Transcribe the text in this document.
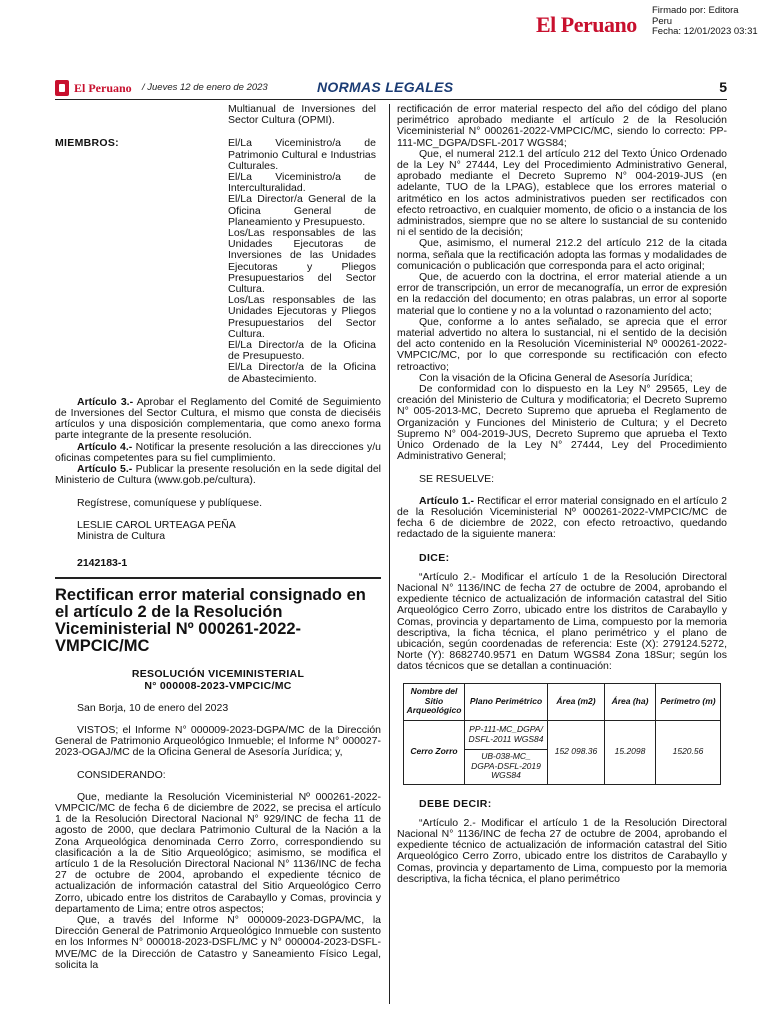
El Peruano
Firmado por: Editora
Peru
Fecha: 12/01/2023 03:31
El Peruano / Jueves 12 de enero de 2023	NORMAS LEGALES	5

Multianual de Inversiones del Sector Cultura (OPMI).

MIEMBROS:	El/La Viceministro/a de Patrimonio Cultural e Industrias Culturales.

El/La Viceministro/a de Interculturalidad.

El/La Director/a General de la Oficina General de Planeamiento y Presupuesto.

Los/Las responsables de las Unidades Ejecutoras de Inversiones de las Unidades Ejecutoras y Pliegos Presupuestarios del Sector Cultura.

Los/Las responsables de las Unidades Ejecutoras y Pliegos Presupuestarios del Sector Cultura.

El/La Director/a de la Oficina de Presupuesto.

El/La Director/a de la Oficina de Abastecimiento.

Artículo 3.- Aprobar el Reglamento del Comité de Seguimiento de Inversiones del Sector Cultura, el mismo que consta de dieciséis artículos y una disposición complementaria, que como anexo forma parte integrante de la presente resolución.

Artículo 4.- Notificar la presente resolución a las direcciones y/u oficinas competentes para su fiel cumplimiento.

Artículo 5.- Publicar la presente resolución en la sede digital del Ministerio de Cultura (www.gob.pe/cultura).

Regístrese, comuníquese y publíquese.

LESLIE CAROL URTEAGA PEÑA

Ministra de Cultura

2142183-1

Rectifican error material consignado en el artículo 2 de la Resolución Viceministerial Nº 000261-2022-VMPCIC/MC

RESOLUCIÓN VICEMINISTERIAL

N° 000008-2023-VMPCIC/MC

San Borja, 10 de enero del 2023

VISTOS; el Informe N° 000009-2023-DGPA/MC de la Dirección General de Patrimonio Arqueológico Inmueble; el Informe N° 000027-2023-OGAJ/MC de la Oficina General de Asesoría Jurídica; y,

CONSIDERANDO:

Que, mediante la Resolución Viceministerial Nº 000261-2022-VMPCIC/MC de fecha 6 de diciembre de 2022, se precisa el artículo 1 de la Resolución Directoral Nacional N° 929/INC de fecha 11 de agosto de 2000, que declara Patrimonio Cultural de la Nación a la Zona Arqueológica denominada Cerro Zorro, correspondiendo su clasificación a la de Sitio Arqueológico; asimismo, se modifica el artículo 1 de la Resolución Directoral Nacional N° 1136/INC de fecha 27 de octubre de 2004, aprobando el expediente técnico de actualización de información catastral del Sitio Arqueológico Cerro Zorro, ubicado entre los distritos de Carabayllo y Comas, provincia y departamento de Lima; entre otros aspectos;

Que, a través del Informe N° 000009-2023-DGPA/MC, la Dirección General de Patrimonio Arqueológico Inmueble con sustento en los Informes N° 000018-2023-DSFL/MC y N° 000004-2023-DSFL-MVE/MC de la Dirección de Catastro y Saneamiento Físico Legal, solicita la

rectificación de error material respecto del año del código del plano perimétrico aprobado mediante el artículo 2 de la Resolución Viceministerial N° 000261-2022-VMPCIC/MC, siendo lo correcto: PP-111-MC_DGPA/DSFL-2017 WGS84;

Que, el numeral 212.1 del artículo 212 del Texto Único Ordenado de la Ley N° 27444, Ley del Procedimiento Administrativo General, aprobado mediante el Decreto Supremo N° 004-2019-JUS (en adelante, TUO de la LPAG), establece que los errores material o aritmético en los actos administrativos pueden ser rectificados con efecto retroactivo, en cualquier momento, de oficio o a instancia de los administrados, siempre que no se altere lo sustancial de su contenido ni el sentido de la decisión;

Que, asimismo, el numeral 212.2 del artículo 212 de la citada norma, señala que la rectificación adopta las formas y modalidades de comunicación o publicación que corresponda para el acto original;

Que, de acuerdo con la doctrina, el error material atiende a un error de transcripción, un error de mecanografía, un error de expresión en la redacción del documento; en otras palabras, un error al soporte material que lo contiene y no a la voluntad o razonamiento del acto;

Que, conforme a lo antes señalado, se aprecia que el error material advertido no altera lo sustancial, ni el sentido de la decisión del acto contenido en la Resolución Viceministerial Nº 000261-2022-VMPCIC/MC, por lo que corresponde su rectificación con efecto retroactivo;

Con la visación de la Oficina General de Asesoría Jurídica;

De conformidad con lo dispuesto en la Ley N° 29565, Ley de creación del Ministerio de Cultura y modificatoria; el Decreto Supremo N° 005-2013-MC, Decreto Supremo que aprueba el Reglamento de Organización y Funciones del Ministerio de Cultura; y el Decreto Supremo N° 004-2019-JUS, Decreto Supremo que aprueba el Texto Único Ordenado de la Ley N° 27444, Ley del Procedimiento Administrativo General;

SE RESUELVE:

Artículo 1.- Rectificar el error material consignado en el artículo 2 de la Resolución Viceministerial Nº 000261-2022-VMPCIC/MC de fecha 6 de diciembre de 2022, con efecto retroactivo, quedando redactado de la siguiente manera:

DICE:

“Artículo 2.- Modificar el artículo 1 de la Resolución Directoral Nacional N° 1136/INC de fecha 27 de octubre de 2004, aprobando el expediente técnico de actualización de información catastral del Sitio Arqueológico Cerro Zorro, ubicado entre los distritos de Carabayllo y Comas, provincia y departamento de Lima, compuesto por la memoria descriptiva, la ficha técnica, el plano perimétrico y el plano de ubicación, según coordenadas de referencia: Este (X): 279124.5272, Norte (Y): 8682740.9571 en Datum WGS84 Zona 18Sur; según los datos técnicos que se detallan a continuación:

Nombre del Sitio Arqueológico	Plano Perimétrico	Área (m2)	Área (ha)	Perímetro (m)
Cerro Zorro	PP-111-MC_DGPA/ DSFL-2011 WGS84	152 098.36	15.2098	1520.56
	UB-038-MC_ DGPA-DSFL-2019 WGS84			

DEBE DECIR:

“Artículo 2.- Modificar el artículo 1 de la Resolución Directoral Nacional N° 1136/INC de fecha 27 de octubre de 2004, aprobando el expediente técnico de actualización de información catastral del Sitio Arqueológico Cerro Zorro, ubicado entre los distritos de Carabayllo y Comas, provincia y departamento de Lima, compuesto por la memoria descriptiva, la ficha técnica, el plano perimétrico
